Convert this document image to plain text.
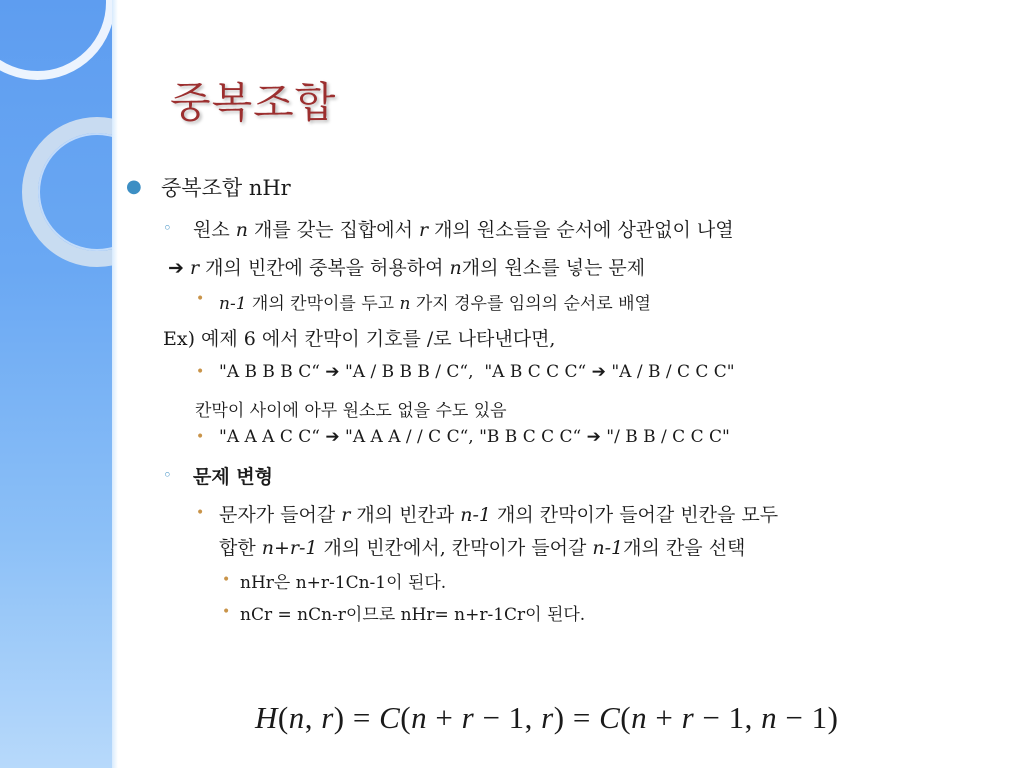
중복조합
● 중복조합 nHr
◦ 원소 n 개를 갖는 집합에서 r 개의 원소들을 순서에 상관없이 나열
➔ r 개의 빈칸에 중복을 허용하여 n개의 원소를 넣는 문제
• n-1 개의 칸막이를 두고 n 가지 경우를 임의의 순서로 배열
Ex) 예제 6 에서 칸막이 기호를 /로 나타낸다면,
• "A B B B C“ ➔ "A / B B B / C“, "A B C C C“ ➔ "A / B / C C C"
칸막이 사이에 아무 원소도 없을 수도 있음
• "A A A C C“ ➔ "A A A / / C C“, "B B C C C“ ➔ "/ B B / C C C"
◦ 문제 변형
• 문자가 들어갈 r 개의 빈칸과 n-1 개의 칸막이가 들어갈 빈칸을 모두
합한 n+r-1 개의 빈칸에서, 칸막이가 들어갈 n-1개의 칸을 선택
• nHr은 n+r-1Cn-1이 된다.
• nCr = nCn-r이므로 nHr= n+r-1Cr이 된다.
H(n, r) = C(n + r − 1, r) = C(n + r − 1, n − 1)
